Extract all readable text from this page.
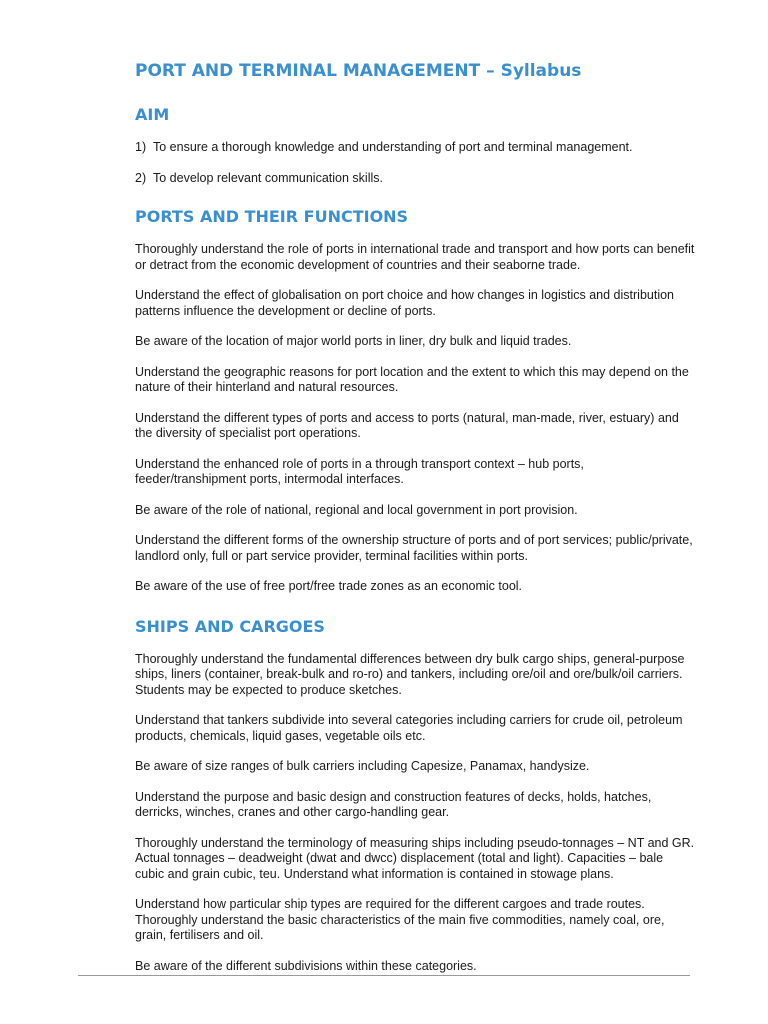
PORT AND TERMINAL MANAGEMENT – Syllabus
AIM
1) To ensure a thorough knowledge and understanding of port and terminal management.
2) To develop relevant communication skills.
PORTS AND THEIR FUNCTIONS

Thoroughly understand the role of ports in international trade and transport and how ports can benefit or detract from the economic development of countries and their seaborne trade.

Understand the effect of globalisation on port choice and how changes in logistics and distribution patterns influence the development or decline of ports.

Be aware of the location of major world ports in liner, dry bulk and liquid trades.

Understand the geographic reasons for port location and the extent to which this may depend on the nature of their hinterland and natural resources.

Understand the different types of ports and access to ports (natural, man-made, river, estuary) and the diversity of specialist port operations.

Understand the enhanced role of ports in a through transport context – hub ports, feeder/transhipment ports, intermodal interfaces.

Be aware of the role of national, regional and local government in port provision.

Understand the different forms of the ownership structure of ports and of port services; public/private, landlord only, full or part service provider, terminal facilities within ports.

Be aware of the use of free port/free trade zones as an economic tool.

SHIPS AND CARGOES

Thoroughly understand the fundamental differences between dry bulk cargo ships, general-purpose ships, liners (container, break-bulk and ro-ro) and tankers, including ore/oil and ore/bulk/oil carriers. Students may be expected to produce sketches.

Understand that tankers subdivide into several categories including carriers for crude oil, petroleum products, chemicals, liquid gases, vegetable oils etc.

Be aware of size ranges of bulk carriers including Capesize, Panamax, handysize.

Understand the purpose and basic design and construction features of decks, holds, hatches, derricks, winches, cranes and other cargo-handling gear.

Thoroughly understand the terminology of measuring ships including pseudo-tonnages – NT and GR. Actual tonnages – deadweight (dwat and dwcc) displacement (total and light). Capacities – bale cubic and grain cubic, teu. Understand what information is contained in stowage plans.

Understand how particular ship types are required for the different cargoes and trade routes. Thoroughly understand the basic characteristics of the main five commodities, namely coal, ore, grain, fertilisers and oil.

Be aware of the different subdivisions within these categories.
